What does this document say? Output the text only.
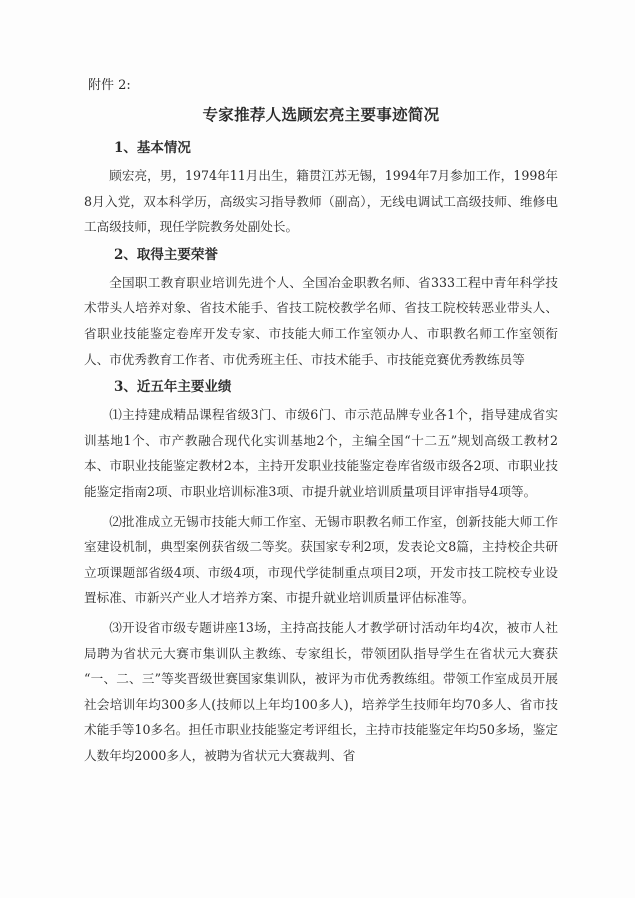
附件 2:
专家推荐人选顾宏亮主要事迹简况
1、基本情况

顾宏亮，男，1974年11月出生，籍贯江苏无锡，1994年7月参加工作，1998年8月入党，双本科学历，高级实习指导教师（副高），无线电调试工高级技师、维修电工高级技师，现任学院教务处副处长。

2、取得主要荣誉

全国职工教育职业培训先进个人、全国冶金职教名师、省333工程中青年科学技术带头人培养对象、省技术能手、省技工院校教学名师、省技工院校转恶业带头人、省职业技能鉴定卷库开发专家、市技能大师工作室领办人、市职教名师工作室领衔人、市优秀教育工作者、市优秀班主任、市技术能手、市技能竞赛优秀教练员等

3、近五年主要业绩

⑴主持建成精品课程省级3门、市级6门、市示范品牌专业各1个，指导建成省实训基地1个、市产教融合现代化实训基地2个，主编全国“十二五”规划高级工教材2本、市职业技能鉴定教材2本，主持开发职业技能鉴定卷库省级市级各2项、市职业技能鉴定指南2项、市职业培训标准3项、市提升就业培训质量项目评审指导4项等。

⑵批准成立无锡市技能大师工作室、无锡市职教名师工作室，创新技能大师工作室建设机制，典型案例获省级二等奖。获国家专利2项，发表论文8篇，主持校企共研立项课题部省级4项、市级4项，市现代学徒制重点项目2项，开发市技工院校专业设置标准、市新兴产业人才培养方案、市提升就业培训质量评估标准等。

⑶开设省市级专题讲座13场，主持高技能人才教学研讨活动年均4次，被市人社局聘为省状元大赛市集训队主教练、专家组长，带领团队指导学生在省状元大赛获 “一、二、三”等奖晋级世赛国家集训队，被评为市优秀教练组。带领工作室成员开展社会培训年均300多人(技师以上年均100多人)，培养学生技师年均70多人、省市技术能手等10多名。担任市职业技能鉴定考评组长，主持市技能鉴定年均50多场，鉴定人数年均2000多人，被聘为省状元大赛裁判、省
